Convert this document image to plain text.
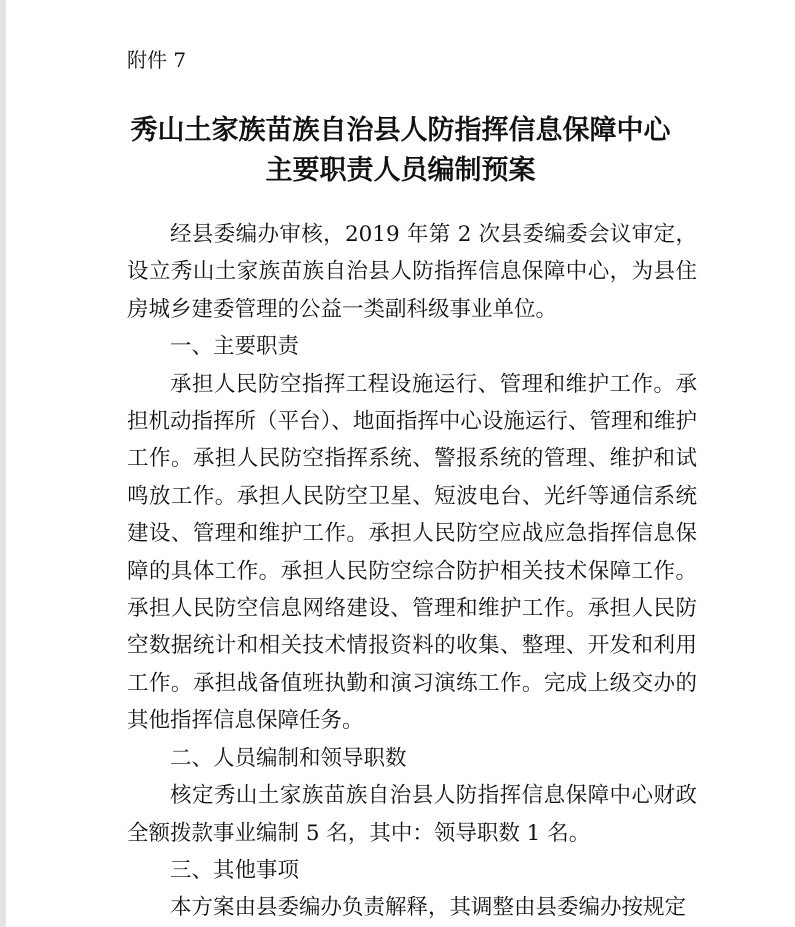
附件 7
秀山土家族苗族自治县人防指挥信息保障中心
主要职责人员编制预案

经县委编办审核，2019 年第 2 次县委编委会议审定，设立秀山土家族苗族自治县人防指挥信息保障中心，为县住房城乡建委管理的公益一类副科级事业单位。

一、主要职责

承担人民防空指挥工程设施运行、管理和维护工作。承担机动指挥所（平台）、地面指挥中心设施运行、管理和维护工作。承担人民防空指挥系统、警报系统的管理、维护和试鸣放工作。承担人民防空卫星、短波电台、光纤等通信系统建设、管理和维护工作。承担人民防空应战应急指挥信息保障的具体工作。承担人民防空综合防护相关技术保障工作。承担人民防空信息网络建设、管理和维护工作。承担人民防空数据统计和相关技术情报资料的收集、整理、开发和利用工作。承担战备值班执勤和演习演练工作。完成上级交办的其他指挥信息保障任务。

二、人员编制和领导职数

核定秀山土家族苗族自治县人防指挥信息保障中心财政全额拨款事业编制 5 名，其中：领导职数 1 名。

三、其他事项

本方案由县委编办负责解释，其调整由县委编办按规定
